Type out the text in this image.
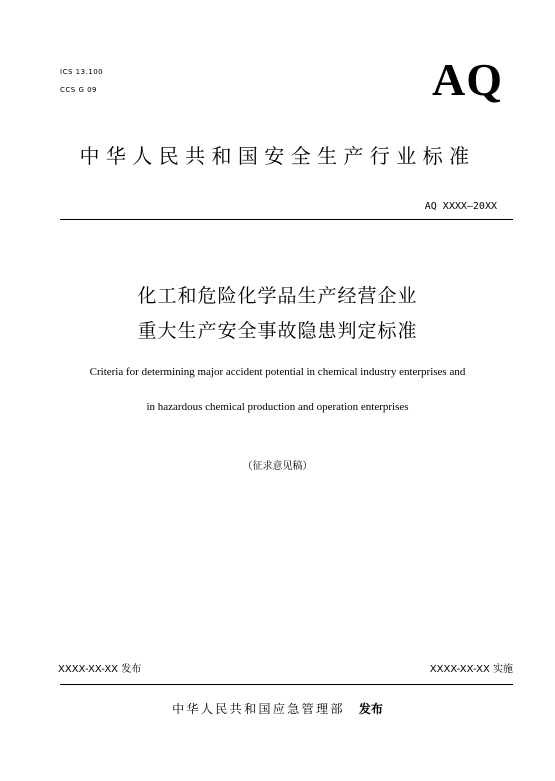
ICS 13.100
CCS G 09	AQ
中华人民共和国安全生产行业标准
AQ XXXX—20XX
化工和危险化学品生产经营企业
重大生产安全事故隐患判定标准
Criteria for determining major accident potential in chemical industry enterprises and
in hazardous chemical production and operation enterprises
（征求意见稿）
XXXX-XX-XX 发布	XXXX-XX-XX 实施
中华人民共和国应急管理部 发布
